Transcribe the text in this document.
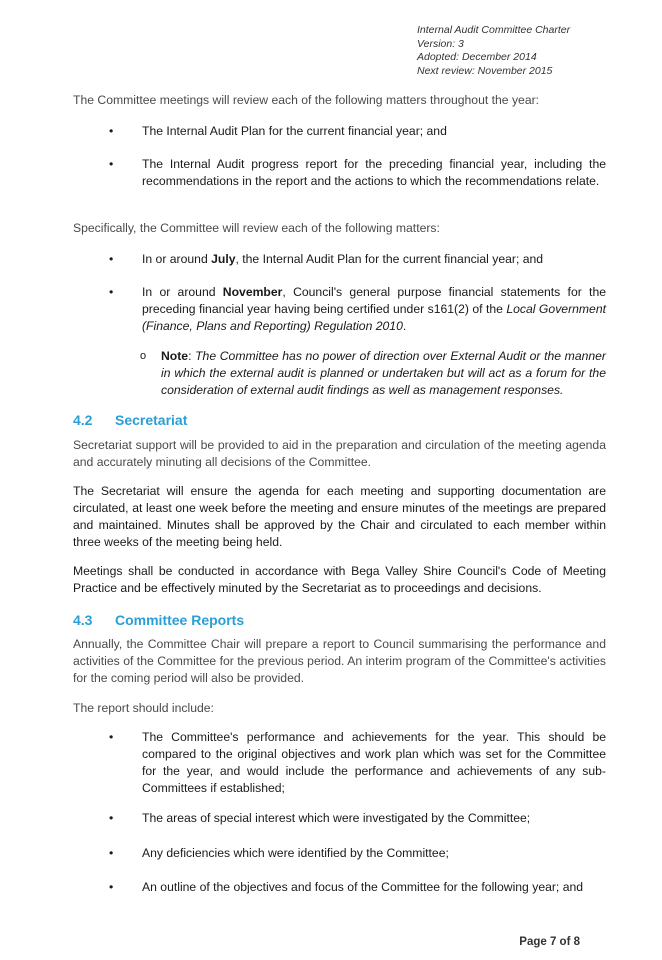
Internal Audit Committee Charter
Version: 3
Adopted: December 2014
Next review: November 2015
The Committee meetings will review each of the following matters throughout the year:
• The Internal Audit Plan for the current financial year; and
• The Internal Audit progress report for the preceding financial year, including the recommendations in the report and the actions to which the recommendations relate.
Specifically, the Committee will review each of the following matters:
• In or around July, the Internal Audit Plan for the current financial year; and
• In or around November, Council's general purpose financial statements for the preceding financial year having being certified under s161(2) of the Local Government (Finance, Plans and Reporting) Regulation 2010.
o Note: The Committee has no power of direction over External Audit or the manner in which the external audit is planned or undertaken but will act as a forum for the consideration of external audit findings as well as management responses.
4.2 Secretariat
Secretariat support will be provided to aid in the preparation and circulation of the meeting agenda and accurately minuting all decisions of the Committee.
The Secretariat will ensure the agenda for each meeting and supporting documentation are circulated, at least one week before the meeting and ensure minutes of the meetings are prepared and maintained. Minutes shall be approved by the Chair and circulated to each member within three weeks of the meeting being held.
Meetings shall be conducted in accordance with Bega Valley Shire Council's Code of Meeting Practice and be effectively minuted by the Secretariat as to proceedings and decisions.
4.3 Committee Reports
Annually, the Committee Chair will prepare a report to Council summarising the performance and activities of the Committee for the previous period. An interim program of the Committee's activities for the coming period will also be provided.
The report should include:
• The Committee's performance and achievements for the year. This should be compared to the original objectives and work plan which was set for the Committee for the year, and would include the performance and achievements of any sub-Committees if established;
• The areas of special interest which were investigated by the Committee;
• Any deficiencies which were identified by the Committee;
• An outline of the objectives and focus of the Committee for the following year; and
Page 7 of 8
